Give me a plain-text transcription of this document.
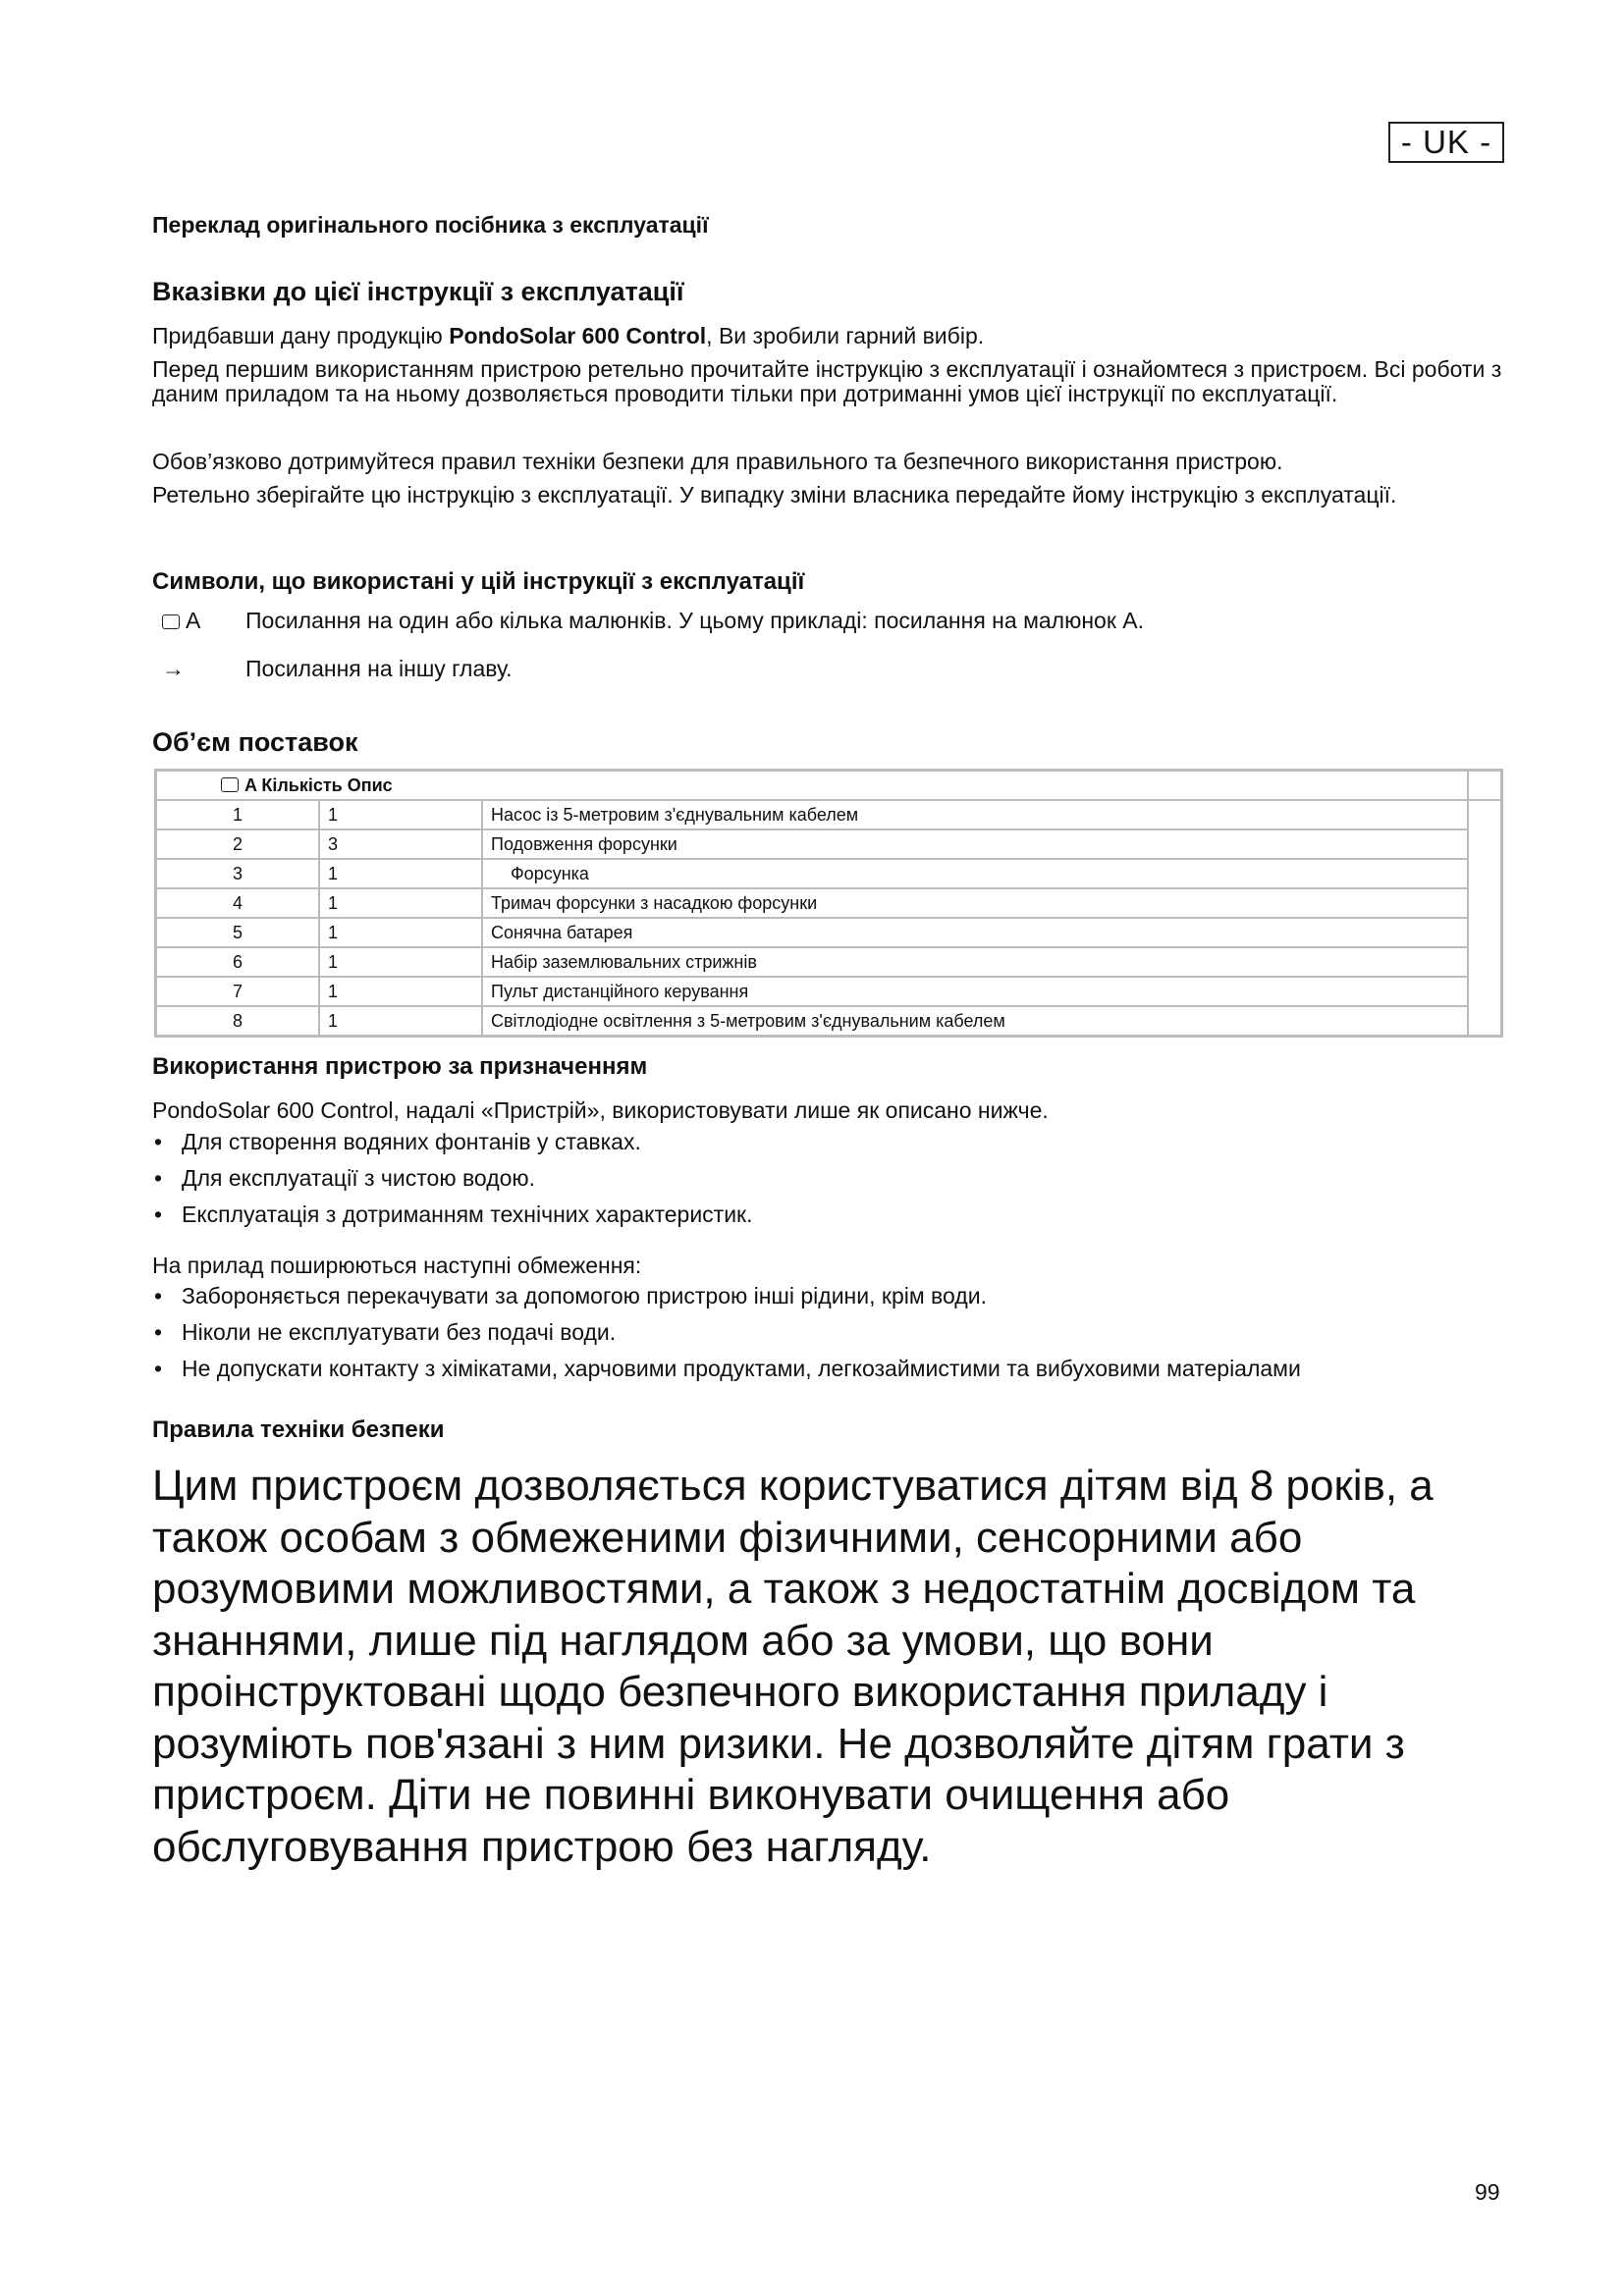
- UK -
Переклад оригінального посібника з експлуатації
Вказівки до цієї інструкції з експлуатації
Придбавши дану продукцію PondoSolar 600 Control, Ви зробили гарний вибір.
Перед першим використанням пристрою ретельно прочитайте інструкцію з експлуатації і ознайомтеся з пристроєм. Всі роботи з даним приладом та на ньому дозволяється проводити тільки при дотриманні умов цієї інструкції по експлуатації.
Обов’язково дотримуйтеся правил техніки безпеки для правильного та безпечного використання пристрою.
Ретельно зберігайте цю інструкцію з експлуатації. У випадку зміни власника передайте йому інструкцію з експлуатації.
Символи, що використані у цій інструкції з експлуатації
A Посилання на один або кілька малюнків. У цьому прикладі: посилання на малюнок А.
→	Посилання на іншу главу.
Об’єм поставок
A Кількість Опис			
1	1	Насос із 5-метровим з'єднувальним кабелем	
2	3	Подовження форсунки	
3	1	Форсунка	
4	1	Тримач форсунки з насадкою форсунки	
5	1	Сонячна батарея	
6	1	Набір заземлювальних стрижнів	
7	1	Пульт дистанційного керування	
8	1	Світлодіодне освітлення з 5-метровим з'єднувальним кабелем	
Використання пристрою за призначенням
PondoSolar 600 Control, надалі «Пристрій», використовувати лише як описано нижче.
• Для створення водяних фонтанів у ставках.
• Для експлуатації з чистою водою.
• Експлуатація з дотриманням технічних характеристик.
На прилад поширюються наступні обмеження:
• Забороняється перекачувати за допомогою пристрою інші рідини, крім води.
• Ніколи не експлуатувати без подачі води.
• Не допускати контакту з хімікатами, харчовими продуктами, легкозаймистими та вибуховими матеріалами
Правила техніки безпеки
Цим пристроєм дозволяється користуватися дітям від 8 років, а також особам з обмеженими фізичними, сенсорними або розумовими можливостями, а також з недостатнім досвідом та знаннями, лише під наглядом або за умови, що вони проінструктовані щодо безпечного використання приладу і розуміють пов'язані з ним ризики. Не дозволяйте дітям грати з пристроєм. Діти не повинні виконувати очищення або обслуговування пристрою без нагляду.
99
